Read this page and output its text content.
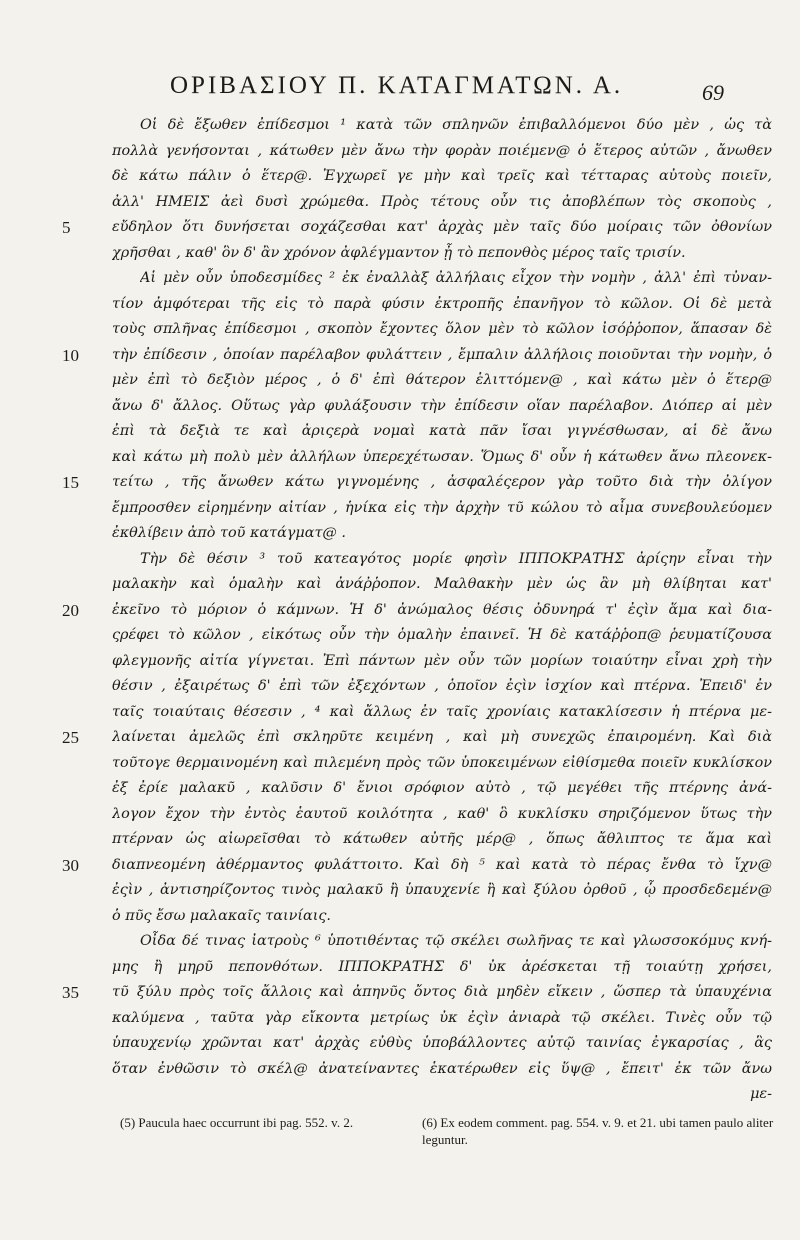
ΟΡΙΒΑΣΙΟΥ Π. ΚΑΤΑΓΜΑΤΩΝ. Α.	69
Οἱ δὲ ἔξωθεν ἐπίδεσμοι ¹ κατὰ τῶν σπληνῶν ἐπιβαλλόμενοι δύο μὲν , ὡς τὰ
πολλὰ γενήσονται , κάτωθεν μὲν ἄνω τὴν φορὰν ποιέμεν@ ὁ ἕτερος αὐτῶν , ἄνωθεν
δὲ κάτω πάλιν ὁ ἕτερ@. Ἐγχωρεῖ γε μὴν καὶ τρεῖς καὶ τέτταρας αὐτοὺς ποιεῖν,
ἀλλ' ΗΜΕΙΣ ἀεὶ δυσὶ χρώμεθα. Πρὸς τέτους οὖν τις ἀποβλέπων τὸς σκοποὺς ,
5	εὔδηλον ὅτι δυνήσεται σοχάζεσθαι κατ' ἀρχὰς μὲν ταῖς δύο μοίραις τῶν ὀθονίων
χρῆσθαι , καθ' ὃν δ' ἂν χρόνον ἀφλέγμαντον ᾖ τὸ πεπονθὸς μέρος ταῖς τρισίν.
Αἱ μὲν οὖν ὑποδεσμίδες ² ἐκ ἐναλλὰξ ἀλλήλαις εἶχον τὴν νομὴν , ἀλλ' ἐπὶ τὐναν-
τίον ἀμφότεραι τῆς εἰς τὸ παρὰ φύσιν ἐκτροπῆς ἐπανῆγον τὸ κῶλον. Οἱ δὲ μετὰ
τοὺς σπλῆνας ἐπίδεσμοι , σκοπὸν ἔχοντες ὅλον μὲν τὸ κῶλον ἰσόῤῥοπον, ἅπασαν δὲ
10	τὴν ἐπίδεσιν , ὁποίαν παρέλαβον φυλάττειν , ἔμπαλιν ἀλλήλοις ποιοῦνται τὴν νομὴν, ὁ
μὲν ἐπὶ τὸ δεξιὸν μέρος , ὁ δ' ἐπὶ θάτερον ἑλιττόμεν@ , καὶ κάτω μὲν ὁ ἕτερ@
ἄνω δ' ἄλλος. Οὕτως γὰρ φυλάξουσιν τὴν ἐπίδεσιν οἵαν παρέλαβον. Διόπερ αἱ μὲν
ἐπὶ τὰ δεξιὰ τε καὶ ἀριςερὰ νομαὶ κατὰ πᾶν ἴσαι γιγνέσθωσαν, αἱ δὲ ἄνω
καὶ κάτω μὴ πολὺ μὲν ἀλλήλων ὑπερεχέτωσαν. Ὅμως δ' οὖν ἡ κάτωθεν ἄνω πλεονεκ-
15	τείτω , τῆς ἄνωθεν κάτω γιγνομένης , ἀσφαλέςερον γὰρ τοῦτο διὰ τὴν ὀλίγον
ἔμπροσθεν εἰρημένην αἰτίαν , ἡνίκα εἰς τὴν ἀρχὴν τῦ κώλου τὸ αἷμα συνεβουλεύομεν
ἐκθλίβειν ἀπὸ τοῦ κατάγματ@ .
Τὴν δὲ θέσιν ³ τοῦ κατεαγότος μορίε φησὶν ΙΠΠΟΚΡΑΤΗΣ ἀρίςην εἶναι τὴν
μαλακὴν καὶ ὁμαλὴν καὶ ἀνάῤῥοπον. Μαλθακὴν μὲν ὡς ἂν μὴ θλίβηται κατ'
20	ἐκεῖνο τὸ μόριον ὁ κάμνων. Ἡ δ' ἀνώμαλος θέσις ὀδυνηρά τ' ἐςὶν ἅμα καὶ δια-
ςρέφει τὸ κῶλον , εἰκότως οὖν τὴν ὁμαλὴν ἐπαινεῖ. Ἡ δὲ κατάῤῥοπ@ ῥευματίζουσα
φλεγμονῆς αἰτία γίγνεται. Ἐπὶ πάντων μὲν οὖν τῶν μορίων τοιαύτην εἶναι χρὴ τὴν
θέσιν , ἐξαιρέτως δ' ἐπὶ τῶν ἐξεχόντων , ὁποῖον ἐςὶν ἰσχίον καὶ πτέρνα. Ἐπειδ' ἐν
ταῖς τοιαύταις θέσεσιν , ⁴ καὶ ἄλλως ἐν ταῖς χρονίαις κατακλίσεσιν ἡ πτέρνα με-
25	λαίνεται ἀμελῶς ἐπὶ σκληρῦτε κειμένη , καὶ μὴ συνεχῶς ἐπαιρομένη. Καὶ διὰ
τοῦτογε θερμαινομένη καὶ πιλεμένη πρὸς τῶν ὑποκειμένων εἰθίσμεθα ποιεῖν κυκλίσκον
ἐξ ἐρίε μαλακῦ , καλῦσιν δ' ἔνιοι σρόφιον αὐτὸ , τῷ μεγέθει τῆς πτέρνης ἀνά-
λογον ἔχον τὴν ἐντὸς ἑαυτοῦ κοιλότητα , καθ' ὃ κυκλίσκυ σηριζόμενον ὕτως τὴν
πτέρναν ὡς αἰωρεῖσθαι τὸ κάτωθεν αὐτῆς μέρ@ , ὅπως ἄθλιπτος τε ἅμα καὶ
30	διαπνεομένη ἀθέρμαντος φυλάττοιτο. Καὶ δὴ ⁵ καὶ κατὰ τὸ πέρας ἔνθα τὸ ἴχν@
ἐςὶν , ἀντισηρίζοντος τινὸς μαλακῦ ἢ ὑπαυχενίε ἢ καὶ ξύλου ὀρθοῦ , ᾧ προσδεδεμέν@
ὁ πῦς ἔσω μαλακαῖς ταινίαις.
Οἶδα δέ τινας ἰατροὺς ⁶ ὑποτιθέντας τῷ σκέλει σωλῆνας τε καὶ γλωσσοκόμυς κνή-
μης ἢ μηρῦ πεπονθότων. ΙΠΠΟΚΡΑΤΗΣ δ' ὐκ ἀρέσκεται τῇ τοιαύτῃ χρήσει,
35	τῦ ξύλυ πρὸς τοῖς ἄλλοις καὶ ἀπηνῦς ὄντος διὰ μηδὲν εἴκειν , ὥσπερ τὰ ὑπαυχένια
καλύμενα , ταῦτα γὰρ εἴκοντα μετρίως ὐκ ἐςὶν ἀνιαρὰ τῷ σκέλει. Τινὲς οὖν τῷ
ὑπαυχενίῳ χρῶνται κατ' ἀρχὰς εὐθὺς ὑποβάλλοντες αὐτῷ ταινίας ἐγκαρσίας , ἃς
ὅταν ἐνθῶσιν τὸ σκέλ@ ἀνατείναντες ἑκατέρωθεν εἰς ὕψ@ , ἔπειτ' ἐκ τῶν ἄνω
με-
(5) Paucula haec occurrunt ibi pag. 552. v. 2.	(6) Ex eodem comment. pag. 554. v. 9. et 21. ubi tamen paulo aliter leguntur.
